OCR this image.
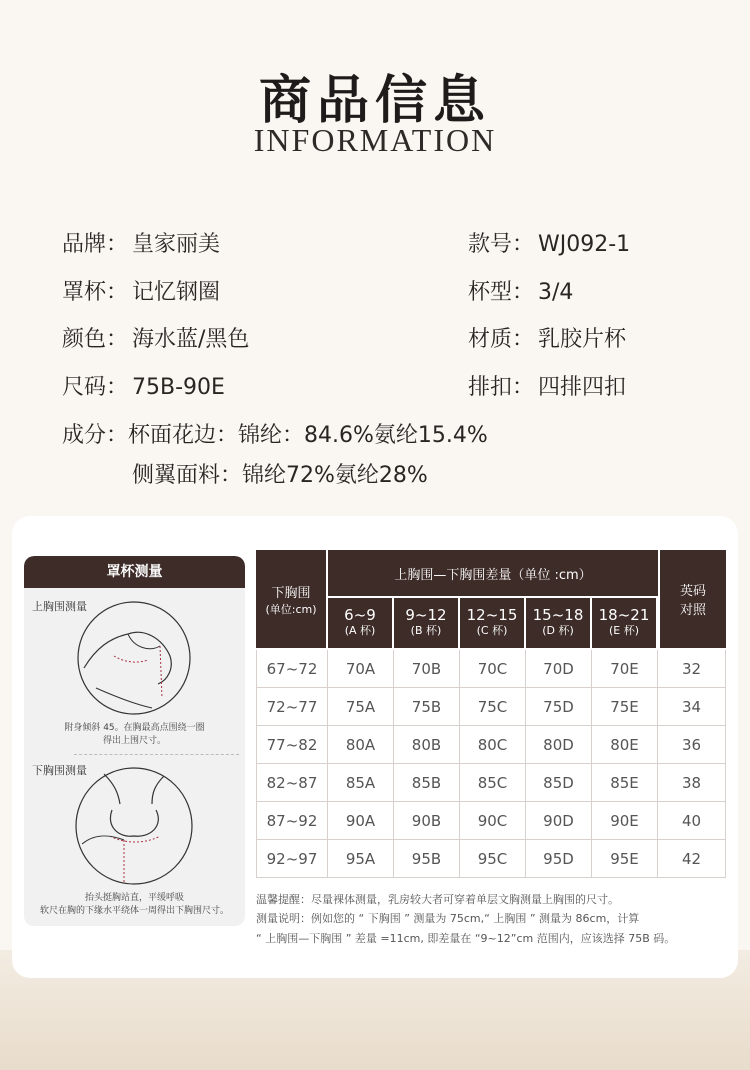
商品信息
INFORMATION
品牌： 皇家丽美	款号： WJ092-1
罩杯： 记忆钢圈	杯型： 3/4
颜色： 海水蓝/黑色	材质： 乳胶片杯
尺码： 75B-90E	排扣： 四排四扣
成分：杯面花边：锦纶：84.6%氨纶15.4%
侧翼面料：锦纶72%氨纶28%
罩杯测量
上胸围测量
附身倾斜 45。在胸最高点围绕一圈
得出上围尺寸。
下胸围测量
抬头挺胸站直，平缓呼吸
软尺在胸的下缘水平绕体一周得出下胸围尺寸。
下胸围
(单位:cm)
上胸围—下胸围差量（单位 :cm）
英码
对照
6~9
(A 杯)
9~12
(B 杯)
12~15
(C 杯)
15~18
(D 杯)
18~21
(E 杯)
67~72	70A	70B	70C	70D	70E	32
72~77	75A	75B	75C	75D	75E	34
77~82	80A	80B	80C	80D	80E	36
82~87	85A	85B	85C	85D	85E	38
87~92	90A	90B	90C	90D	90E	40
92~97	95A	95B	95C	95D	95E	42
温馨提醒：尽量裸体测量，乳房较大者可穿着单层文胸测量上胸围的尺寸。
测量说明：例如您的 “ 下胸围 ” 测量为 75cm,“ 上胸围 ” 测量为 86cm，计算
“ 上胸围—下胸围 ” 差量 =11cm, 即差量在 “9~12”cm 范围内，应该选择 75B 码。
